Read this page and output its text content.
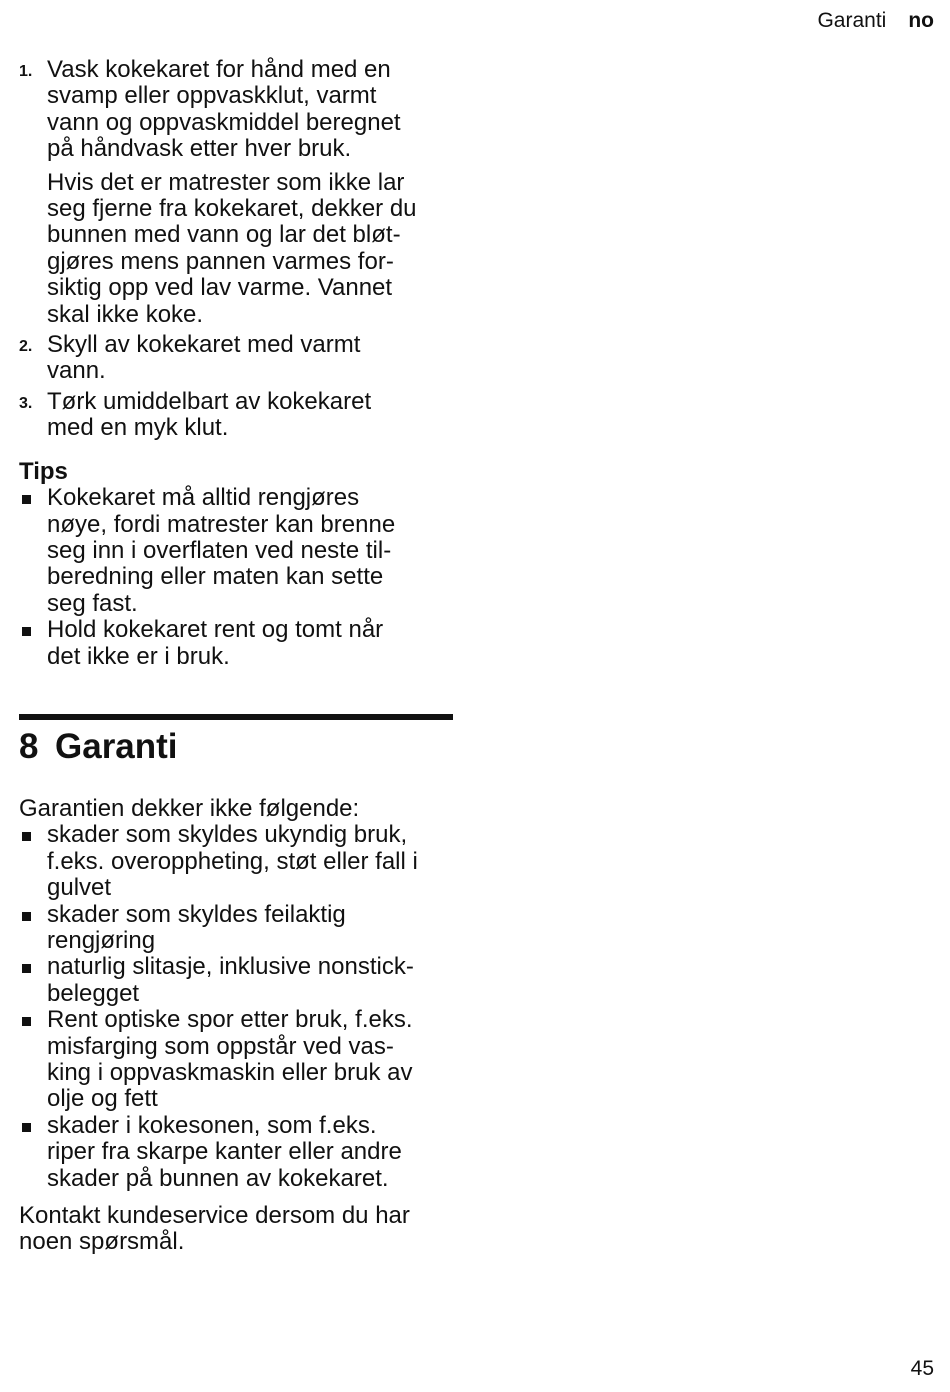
Garanti no
1. Vask kokekaret for hånd med en
svamp eller oppvaskklut, varmt
vann og oppvaskmiddel beregnet
på håndvask etter hver bruk.
Hvis det er matrester som ikke lar
seg fjerne fra kokekaret, dekker du
bunnen med vann og lar det bløt-
gjøres mens pannen varmes for-
siktig opp ved lav varme. Vannet
skal ikke koke.
2. Skyll av kokekaret med varmt
vann.
3. Tørk umiddelbart av kokekaret
med en myk klut.
Tips
Kokekaret må alltid rengjøres
nøye, fordi matrester kan brenne
seg inn i overflaten ved neste til-
beredning eller maten kan sette
seg fast.
Hold kokekaret rent og tomt når
det ikke er i bruk.
8 Garanti
Garantien dekker ikke følgende:
skader som skyldes ukyndig bruk,
f.eks. overoppheting, støt eller fall i
gulvet
skader som skyldes feilaktig
rengjøring
naturlig slitasje, inklusive nonstick-
belegget
Rent optiske spor etter bruk, f.eks.
misfarging som oppstår ved vas-
king i oppvaskmaskin eller bruk av
olje og fett
skader i kokesonen, som f.eks.
riper fra skarpe kanter eller andre
skader på bunnen av kokekaret.
Kontakt kundeservice dersom du har
noen spørsmål.
45
